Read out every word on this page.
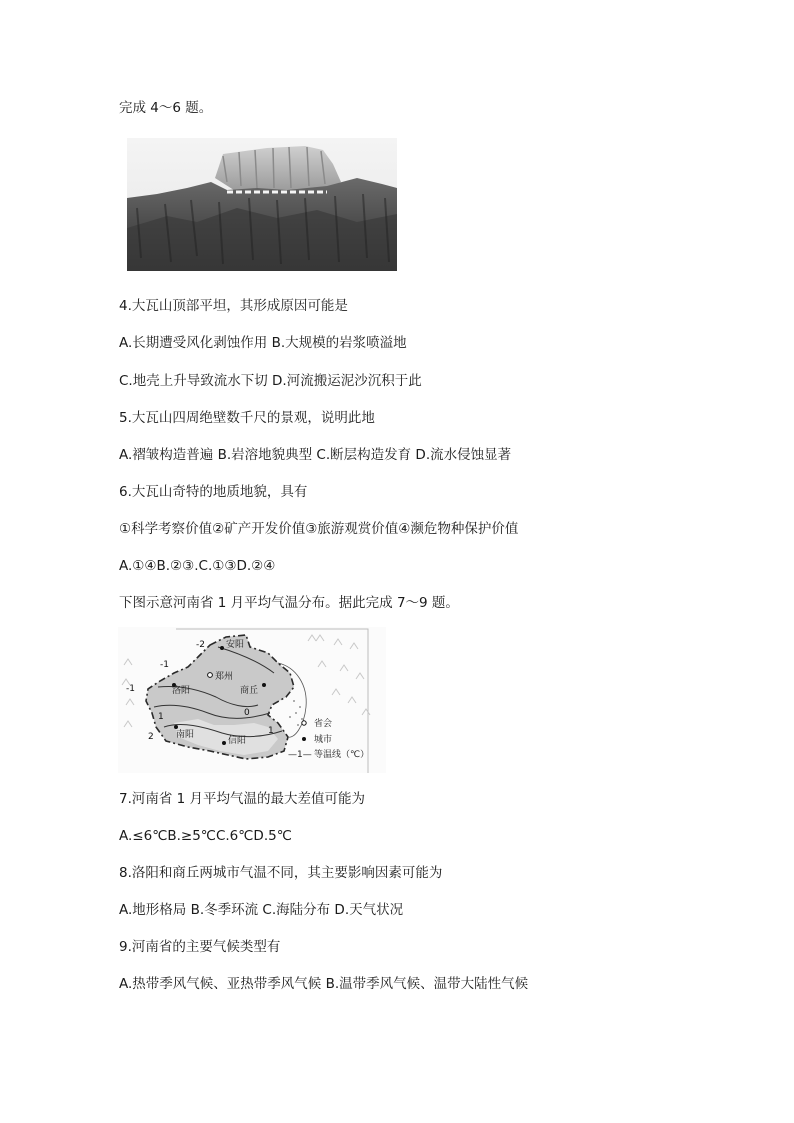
完成 4～6 题。
4.大瓦山顶部平坦，其形成原因可能是
A.长期遭受风化剥蚀作用 B.大规模的岩浆喷溢地
C.地壳上升导致流水下切 D.河流搬运泥沙沉积于此
5.大瓦山四周绝壁数千尺的景观，说明此地
A.褶皱构造普遍 B.岩溶地貌典型 C.断层构造发育 D.流水侵蚀显著
6.大瓦山奇特的地质地貌，具有
①科学考察价值②矿产开发价值③旅游观赏价值④濒危物种保护价值
A.①④B.②③.C.①③D.②④
下图示意河南省 1 月平均气温分布。据此完成 7～9 题。
安阳
郑州
洛阳	商丘
南阳
信阳
-2
-1
-1
0
1
2
1
省会
城市
—1— 等温线（℃）
7.河南省 1 月平均气温的最大差值可能为
A.≤6℃B.≥5℃C.6℃D.5℃
8.洛阳和商丘两城市气温不同，其主要影响因素可能为
A.地形格局 B.冬季环流 C.海陆分布 D.天气状况
9.河南省的主要气候类型有
A.热带季风气候、亚热带季风气候 B.温带季风气候、温带大陆性气候
